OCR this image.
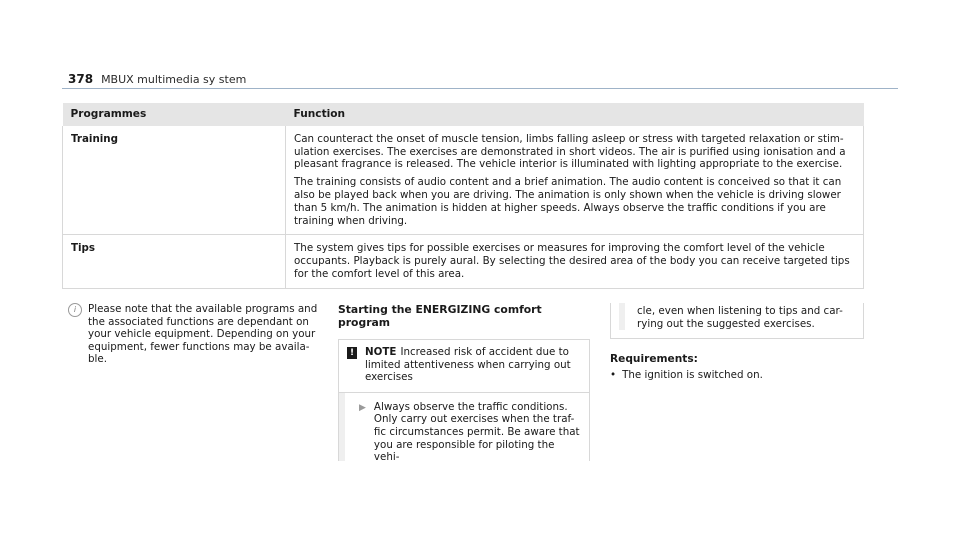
378 MBUX multimedia sy stem
Programmes	Function
Training	Can counteract the onset of muscle tension, limbs falling asleep or stress with targeted relaxation or stim-ulation exercises. The exercises are demonstrated in short videos. The air is purified using ionisation and a pleasant fragrance is released. The vehicle interior is illuminated with lighting appropriate to the exercise.

The training consists of audio content and a brief animation. The audio content is conceived so that it can also be played back when you are driving. The animation is only shown when the vehicle is driving slower than 5 km/h. The animation is hidden at higher speeds. Always observe the traffic conditions if you are training when driving.

Tips	The system gives tips for possible exercises or measures for improving the comfort level of the vehicle occupants. Playback is purely aural. By selecting the desired area of the body you can receive targeted tips for the comfort level of this area.

i	Please note that the available programs and the associated functions are dependant on your vehicle equipment. Depending on your equipment, fewer functions may be availa-ble.
Starting the ENERGIZING comfort program
! NOTE Increased risk of accident due to limited attentiveness when carrying out exercises
▶ Always observe the traffic conditions. Only carry out exercises when the traf-fic circumstances permit. Be aware that you are responsible for piloting the vehi-
cle, even when listening to tips and car-rying out the suggested exercises.
Requirements:
• The ignition is switched on.
